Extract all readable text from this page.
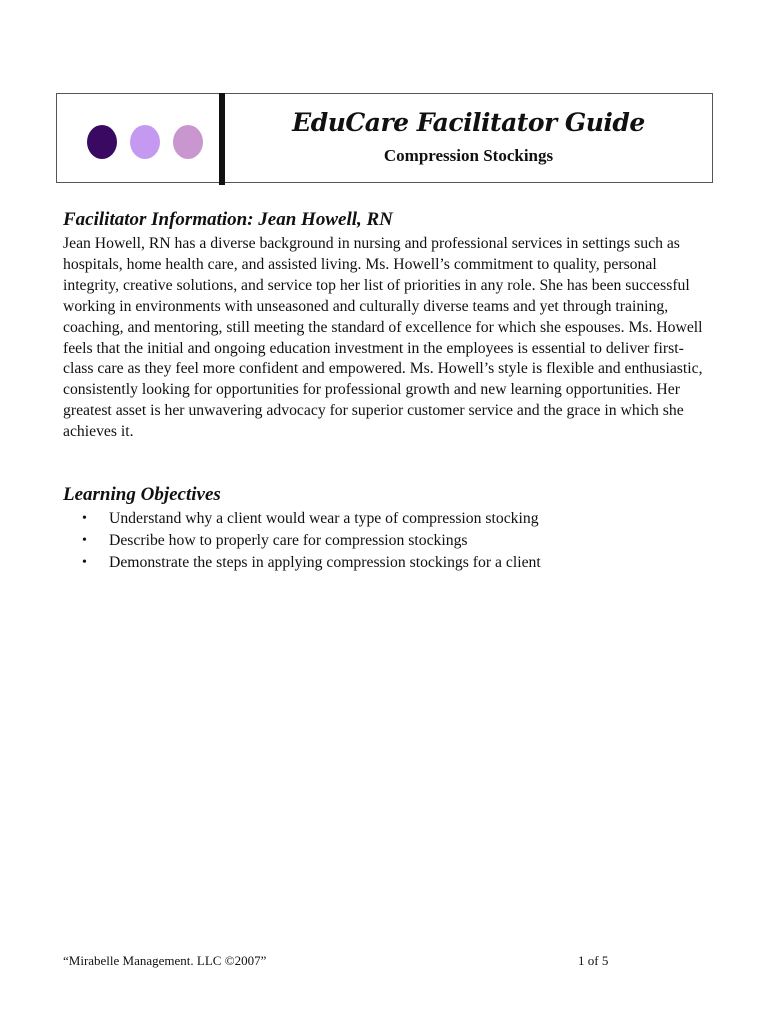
EduCare Facilitator Guide
Compression Stockings
Facilitator Information: Jean Howell, RN

Jean Howell, RN has a diverse background in nursing and professional services in settings such as hospitals, home health care, and assisted living. Ms. Howell’s commitment to quality, personal integrity, creative solutions, and service top her list of priorities in any role. She has been successful working in environments with unseasoned and culturally diverse teams and yet through training, coaching, and mentoring, still meeting the standard of excellence for which she espouses. Ms. Howell feels that the initial and ongoing education investment in the employees is essential to deliver first-class care as they feel more confident and empowered. Ms. Howell’s style is flexible and enthusiastic, consistently looking for opportunities for professional growth and new learning opportunities. Her greatest asset is her unwavering advocacy for superior customer service and the grace in which she achieves it.

Learning Objectives
• Understand why a client would wear a type of compression stocking
• Describe how to properly care for compression stockings
• Demonstrate the steps in applying compression stockings for a client
“Mirabelle Management. LLC ©2007”	1 of 5
